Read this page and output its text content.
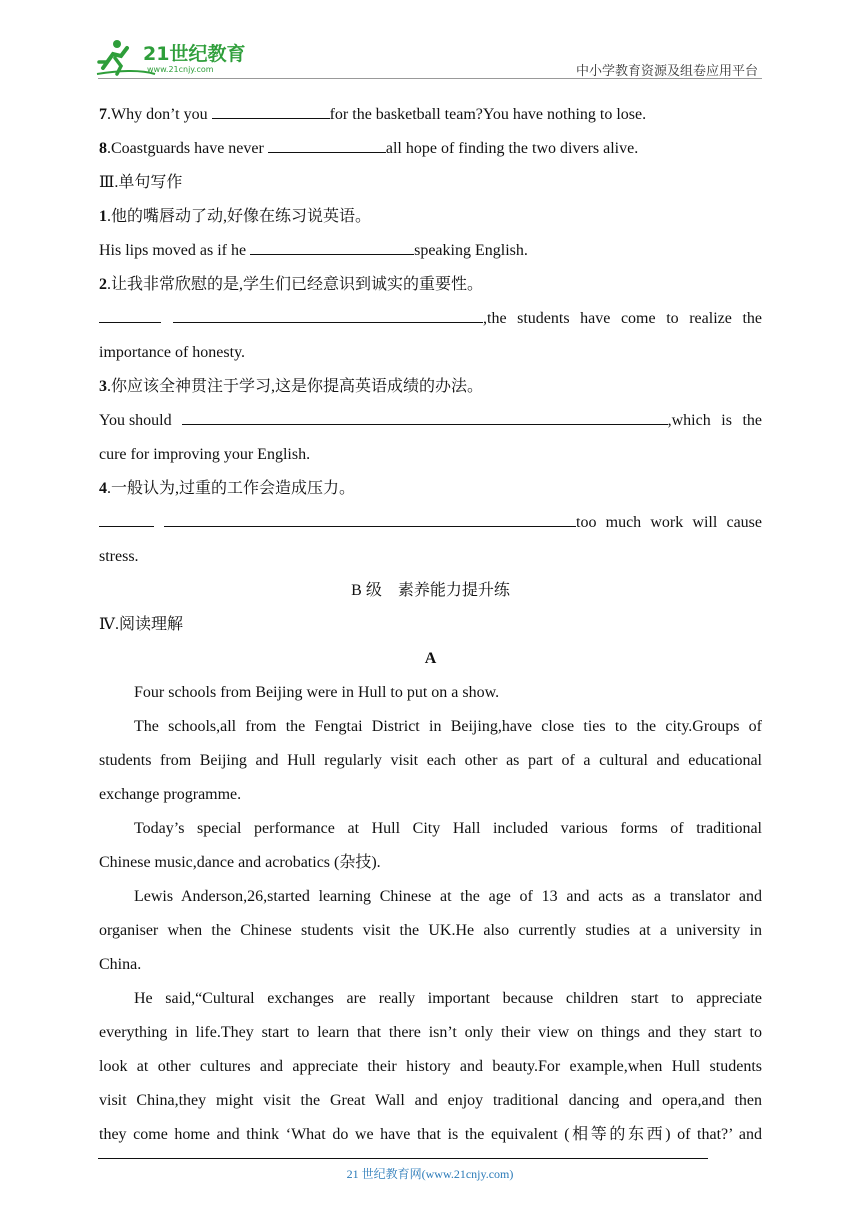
21世纪教育
www.21cnjy.com	中小学教育资源及组卷应用平台
7.Why don’t you	for the basketball team?You have nothing to lose.
8.Coastguards have never	all hope of finding the two divers alive.
Ⅲ.单句写作
1.他的嘴唇动了动,好像在练习说英语。
His lips moved as if he	speaking English.
2.让我非常欣慰的是,学生们已经意识到诚实的重要性。
,the students have come to realize the
importance of honesty.
3.你应该全神贯注于学习,这是你提高英语成绩的办法。
You should	,which is the
cure for improving your English.
4.一般认为,过重的工作会造成压力。
too much work will cause
stress.
B 级　素养能力提升练
Ⅳ.阅读理解
A
Four schools from Beijing were in Hull to put on a show.
The schools,all from the Fengtai District in Beijing,have close ties to the city.Groups of
students from Beijing and Hull regularly visit each other as part of a cultural and educational
exchange programme.
Today’s special performance at Hull City Hall included various forms of traditional
Chinese music,dance and acrobatics (杂技).
Lewis Anderson,26,started learning Chinese at the age of 13 and acts as a translator and
organiser when the Chinese students visit the UK.He also currently studies at a university in
China.
He said,“Cultural exchanges are really important because children start to appreciate
everything in life.They start to learn that there isn’t only their view on things and they start to
look at other cultures and appreciate their history and beauty.For example,when Hull students
visit China,they might visit the Great Wall and enjoy traditional dancing and opera,and then
they come home and think ‘What do we have that is the equivalent (相等的东西) of that?’ and
21 世纪教育网(www.21cnjy.com)
